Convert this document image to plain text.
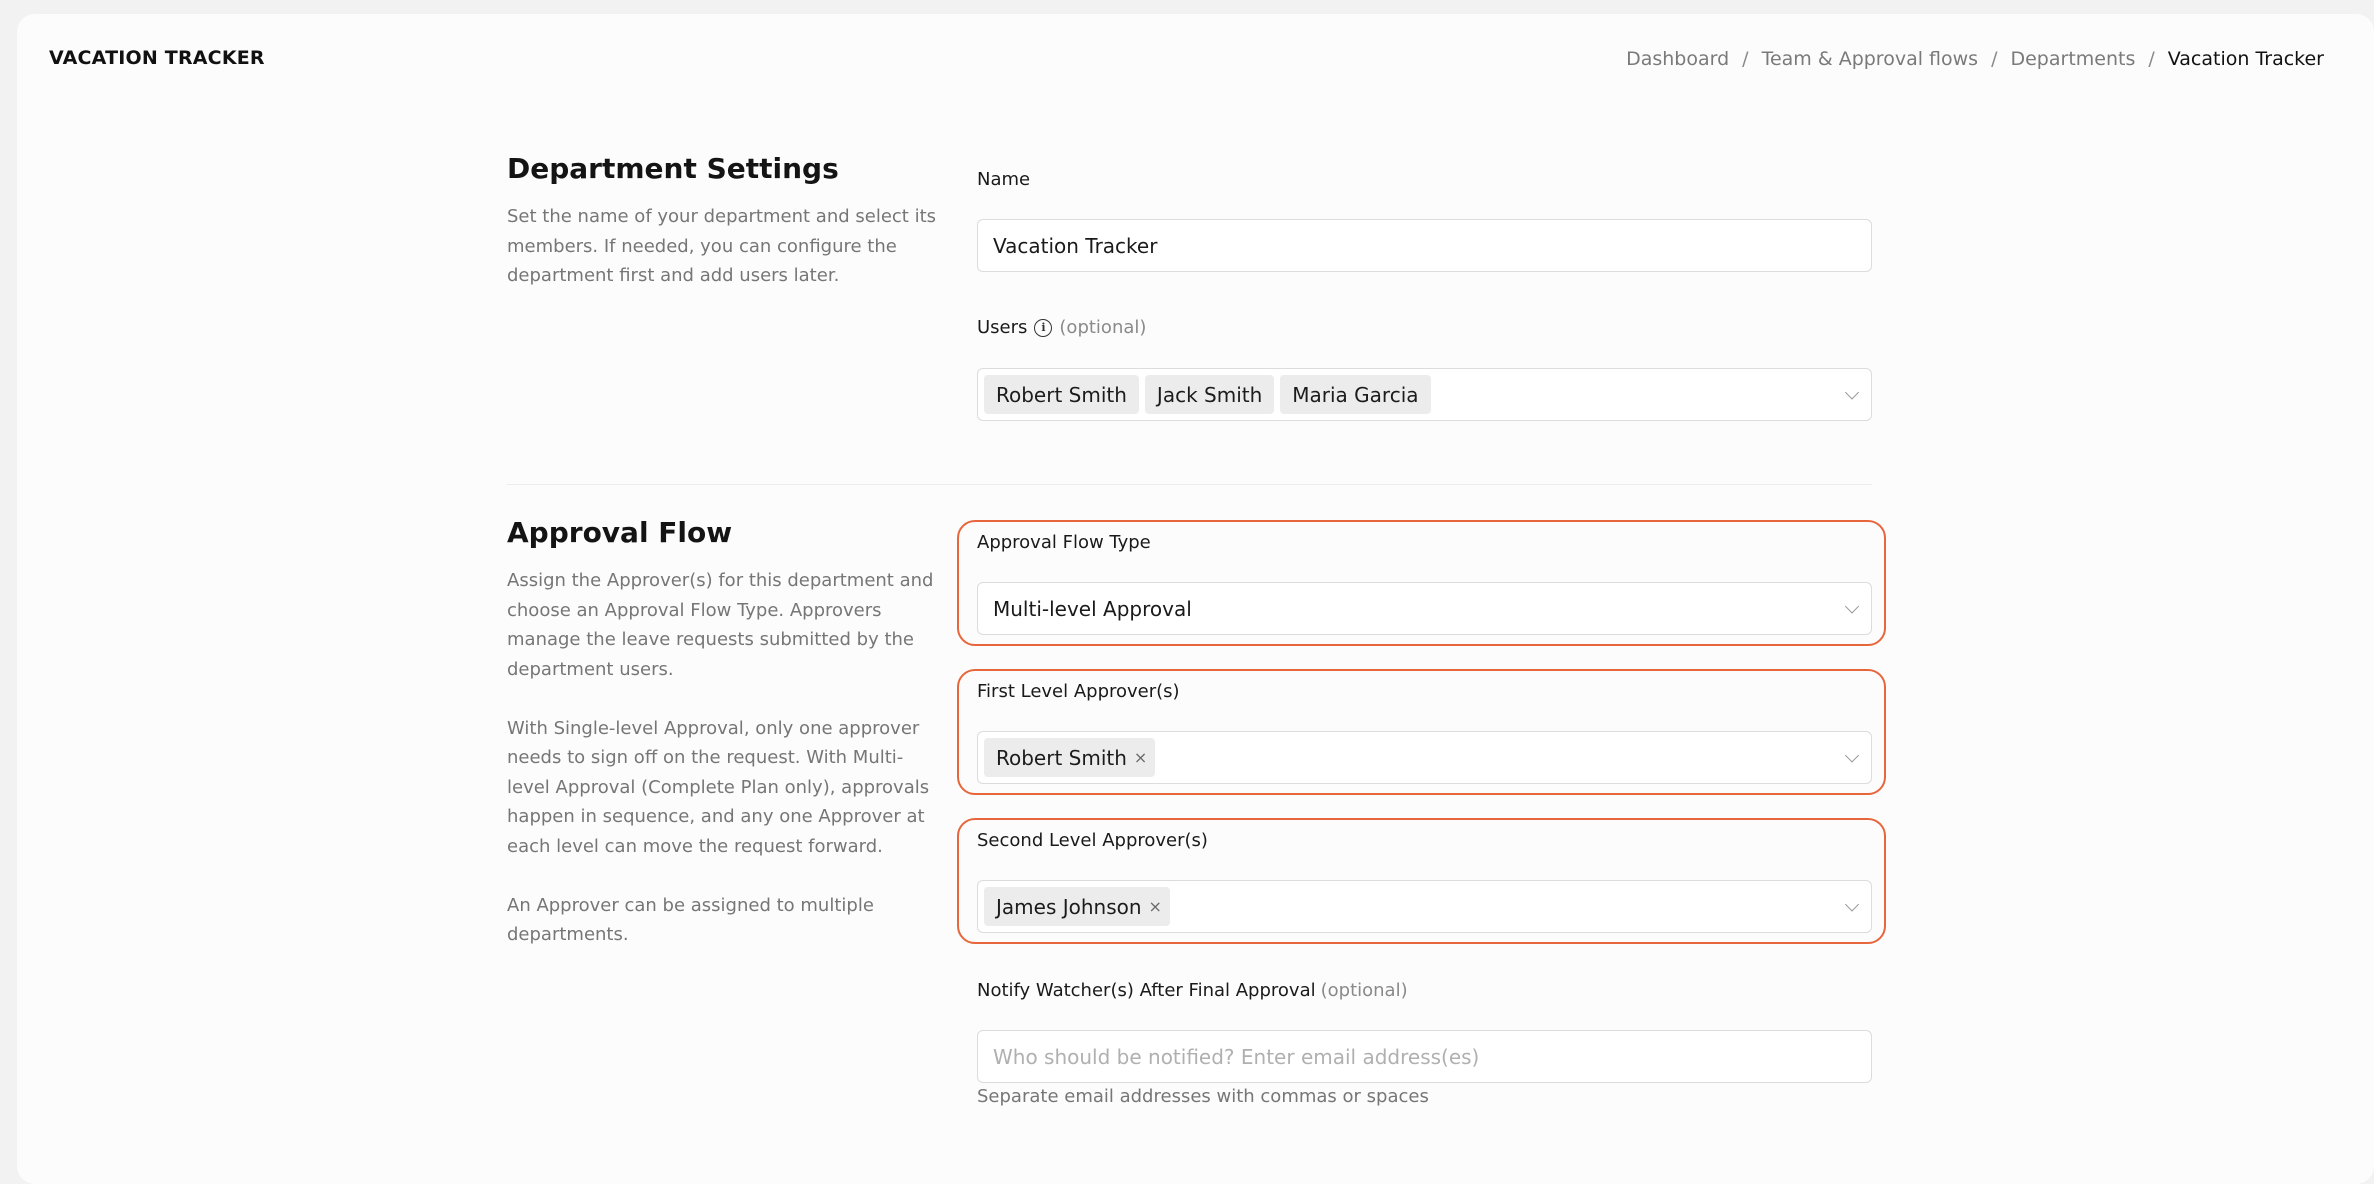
VACATION TRACKER	Dashboard / Team & Approval flows / Departments / Vacation Tracker
Department Settings

Set the name of your department and select its members. If needed, you can configure the department first and add users later.

Name
Vacation Tracker
Users	i (optional)
Robert Smith	Jack Smith	Maria Garcia
Approval Flow

Assign the Approver(s) for this department and choose an Approval Flow Type. Approvers manage the leave requests submitted by the department users.

With Single-level Approval, only one approver needs to sign off on the request. With Multi-level Approval (Complete Plan only), approvals happen in sequence, and any one Approver at each level can move the request forward.

An Approver can be assigned to multiple departments.

Approval Flow Type
Multi-level Approval
First Level Approver(s)
Robert Smith ×
Second Level Approver(s)
James Johnson ×
Notify Watcher(s) After Final Approval (optional)
Who should be notified? Enter email address(es)
Separate email addresses with commas or spaces
